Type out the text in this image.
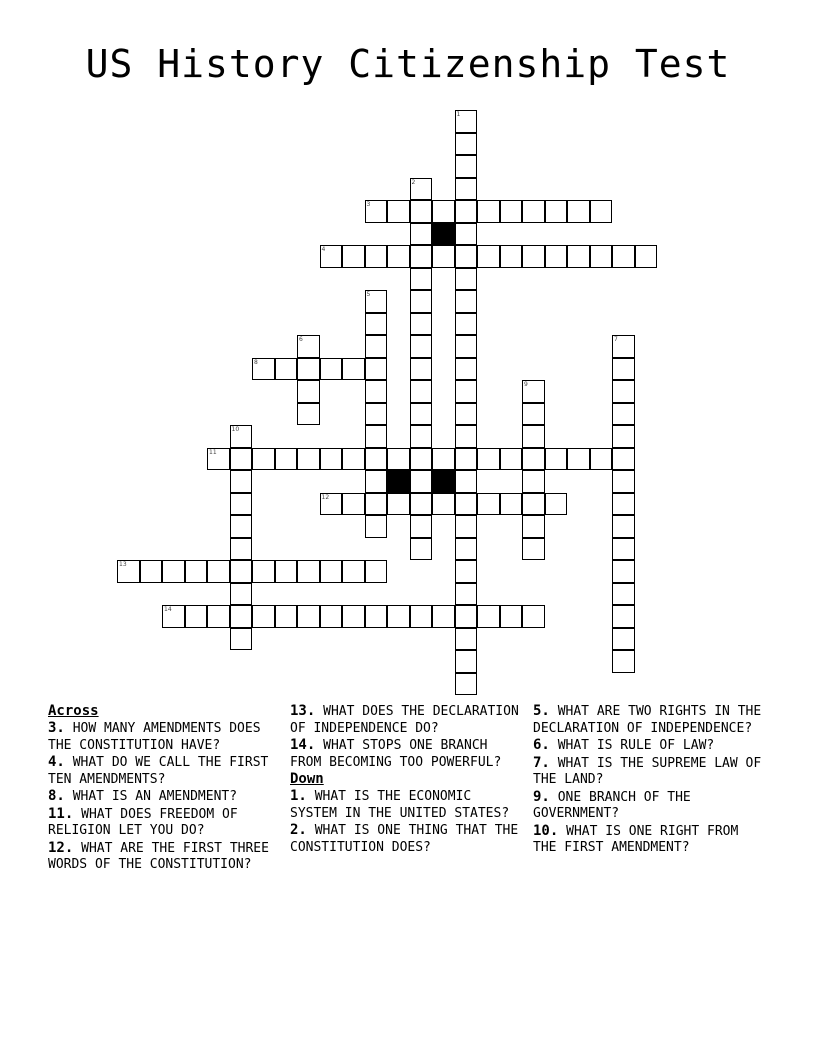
US History Citizenship Test
3
4
8
11
12
13
14
1
2
5
6	7
9
10
Across
3. HOW MANY AMENDMENTS DOES THE CONSTITUTION HAVE?
4. WHAT DO WE CALL THE FIRST TEN AMENDMENTS?
8. WHAT IS AN AMENDMENT?
11. WHAT DOES FREEDOM OF RELIGION LET YOU DO?
12. WHAT ARE THE FIRST THREE WORDS OF THE CONSTITUTION?
13. WHAT DOES THE DECLARATION OF INDEPENDENCE DO?
14. WHAT STOPS ONE BRANCH FROM BECOMING TOO POWERFUL?
Down
1. WHAT IS THE ECONOMIC SYSTEM IN THE UNITED STATES?
2. WHAT IS ONE THING THAT THE CONSTITUTION DOES?
5. WHAT ARE TWO RIGHTS IN THE DECLARATION OF INDEPENDENCE?
6. WHAT IS RULE OF LAW?
7. WHAT IS THE SUPREME LAW OF THE LAND?
9. ONE BRANCH OF THE GOVERNMENT?
10. WHAT IS ONE RIGHT FROM THE FIRST AMENDMENT?
